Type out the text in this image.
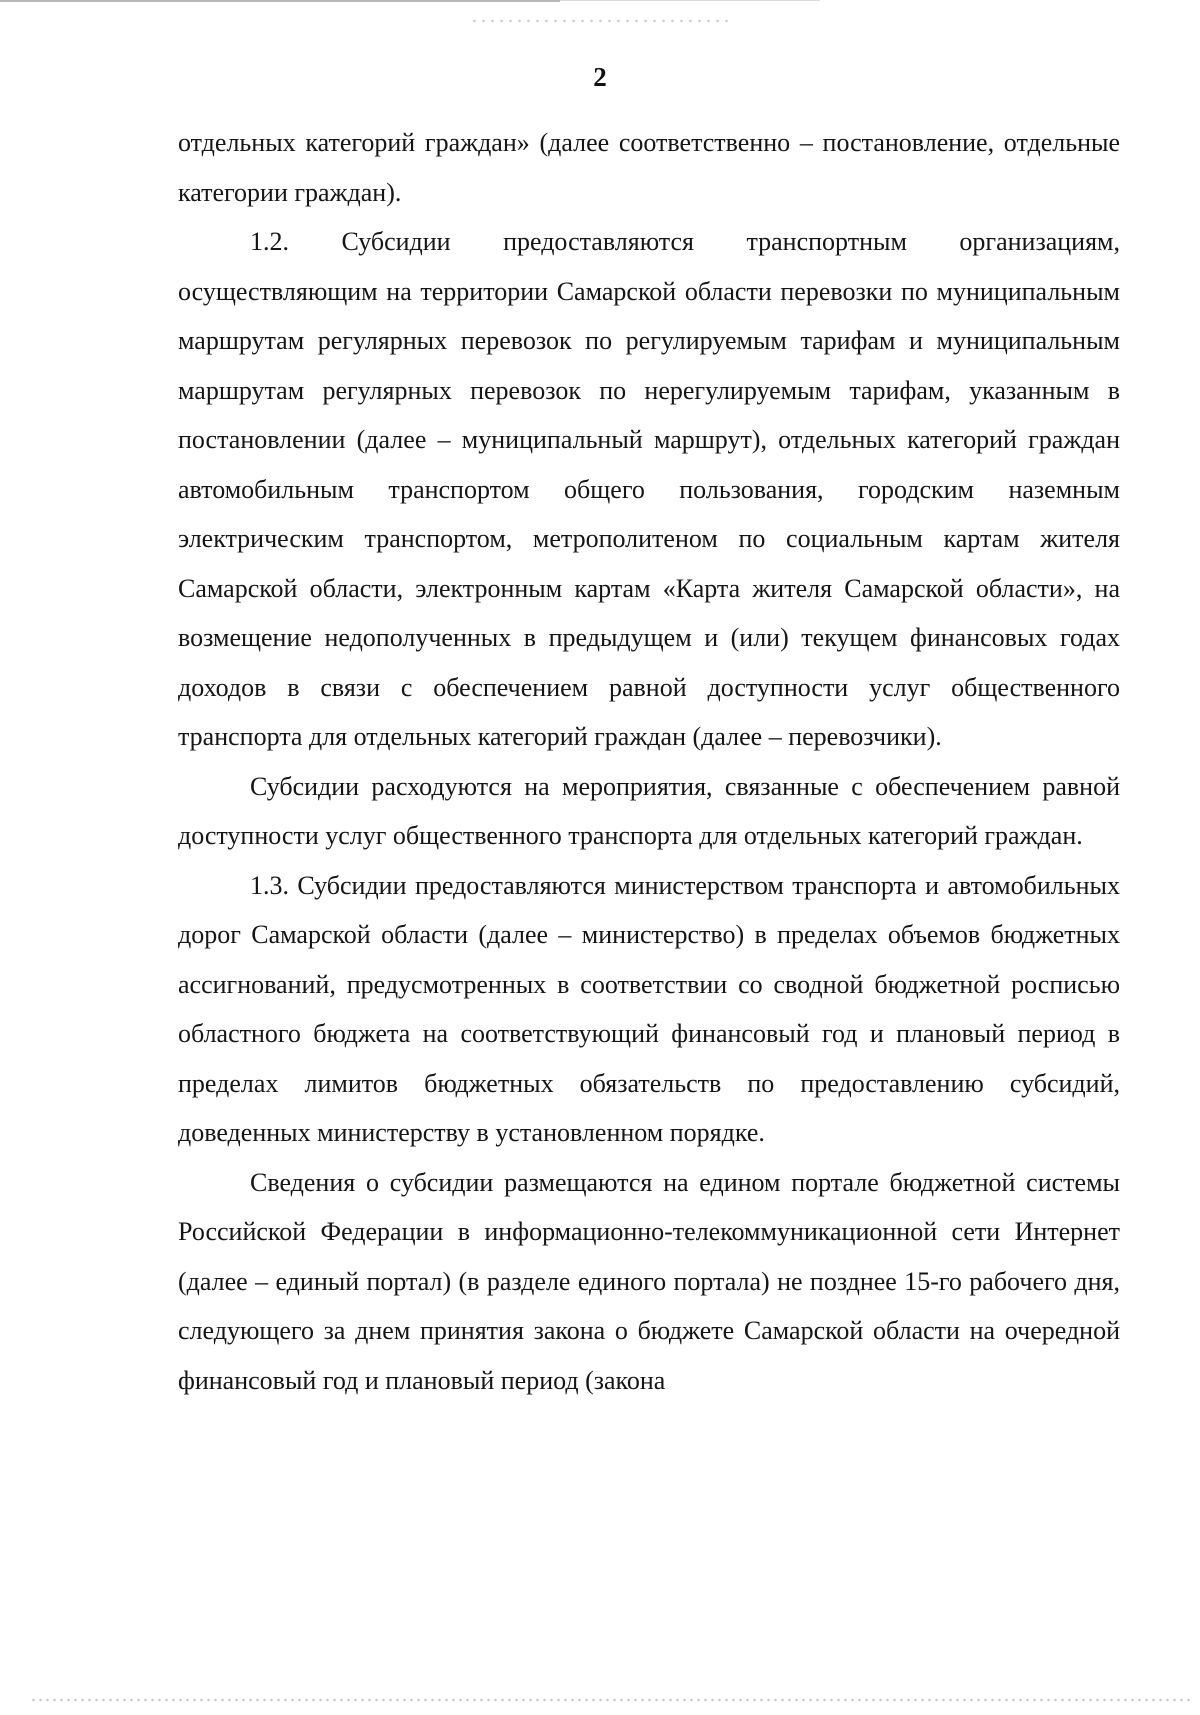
2

отдельных категорий граждан» (далее соответственно – постановление, отдельные категории граждан).

1.2. Субсидии предоставляются транспортным организациям, осуществляющим на территории Самарской области перевозки по муниципальным маршрутам регулярных перевозок по регулируемым тарифам и муниципальным маршрутам регулярных перевозок по нерегулируемым тарифам, указанным в постановлении (далее – муниципальный маршрут), отдельных категорий граждан автомобильным транспортом общего пользования, городским наземным электрическим транспортом, метрополитеном по социальным картам жителя Самарской области, электронным картам «Карта жителя Самарской области», на возмещение недополученных в предыдущем и (или) текущем финансовых годах доходов в связи с обеспечением равной доступности услуг общественного транспорта для отдельных категорий граждан (далее – перевозчики).

Субсидии расходуются на мероприятия, связанные с обеспечением равной доступности услуг общественного транспорта для отдельных категорий граждан.

1.3. Субсидии предоставляются министерством транспорта и автомобильных дорог Самарской области (далее – министерство) в пределах объемов бюджетных ассигнований, предусмотренных в соответствии со сводной бюджетной росписью областного бюджета на соответствующий финансовый год и плановый период в пределах лимитов бюджетных обязательств по предоставлению субсидий, доведенных министерству в установленном порядке.

Сведения о субсидии размещаются на едином портале бюджетной системы Российской Федерации в информационно-телекоммуникационной сети Интернет (далее – единый портал) (в разделе единого портала) не позднее 15-го рабочего дня, следующего за днем принятия закона о бюджете Самарской области на очередной финансовый год и плановый период (закона
